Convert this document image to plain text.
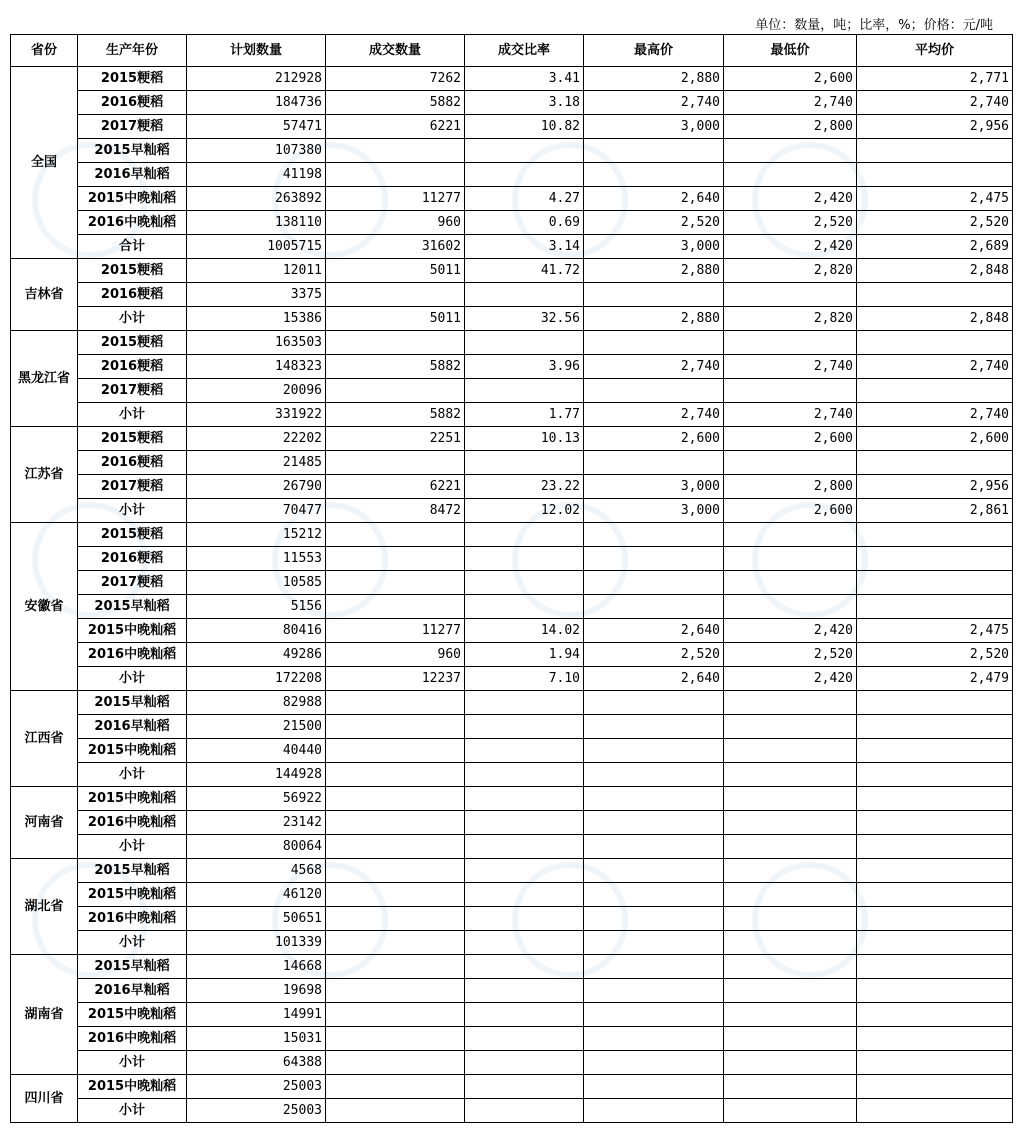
单位：数量，吨；比率，%；价格：元/吨
省份	生产年份	计划数量	成交数量	成交比率	最高价	最低价	平均价
全国	2015粳稻	212928	7262	3.41	2,880	2,600	2,771
	2016粳稻	184736	5882	3.18	2,740	2,740	2,740
	2017粳稻	57471	6221	10.82	3,000	2,800	2,956
	2015早籼稻	107380					
	2016早籼稻	41198					
	2015中晚籼稻	263892	11277	4.27	2,640	2,420	2,475
	2016中晚籼稻	138110	960	0.69	2,520	2,520	2,520
	合计	1005715	31602	3.14	3,000	2,420	2,689
吉林省	2015粳稻	12011	5011	41.72	2,880	2,820	2,848
	2016粳稻	3375					
	小计	15386	5011	32.56	2,880	2,820	2,848
黑龙江省	2015粳稻	163503					
	2016粳稻	148323	5882	3.96	2,740	2,740	2,740
	2017粳稻	20096					
	小计	331922	5882	1.77	2,740	2,740	2,740
江苏省	2015粳稻	22202	2251	10.13	2,600	2,600	2,600
	2016粳稻	21485					
	2017粳稻	26790	6221	23.22	3,000	2,800	2,956
	小计	70477	8472	12.02	3,000	2,600	2,861
安徽省	2015粳稻	15212					
	2016粳稻	11553					
	2017粳稻	10585					
	2015早籼稻	5156					
	2015中晚籼稻	80416	11277	14.02	2,640	2,420	2,475
	2016中晚籼稻	49286	960	1.94	2,520	2,520	2,520
	小计	172208	12237	7.10	2,640	2,420	2,479
江西省	2015早籼稻	82988					
	2016早籼稻	21500					
	2015中晚籼稻	40440					
	小计	144928					
河南省	2015中晚籼稻	56922					
	2016中晚籼稻	23142					
	小计	80064					
湖北省	2015早籼稻	4568					
	2015中晚籼稻	46120					
	2016中晚籼稻	50651					
	小计	101339					
湖南省	2015早籼稻	14668					
	2016早籼稻	19698					
	2015中晚籼稻	14991					
	2016中晚籼稻	15031					
	小计	64388					
四川省	2015中晚籼稻	25003					
	小计	25003					
